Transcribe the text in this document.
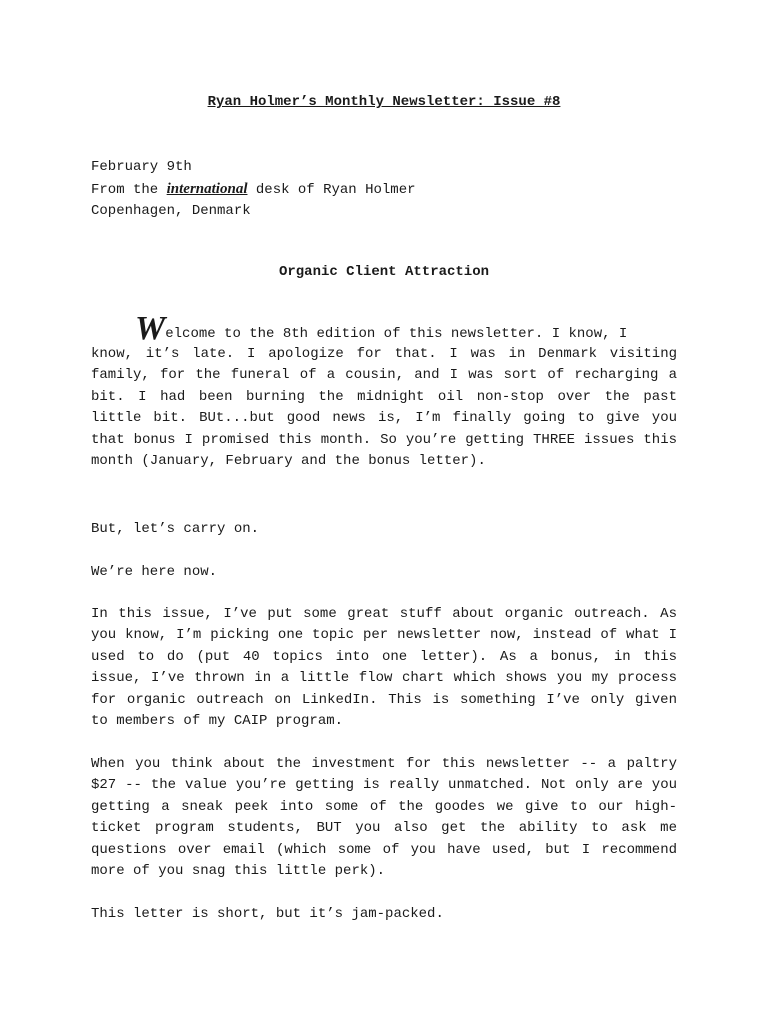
Ryan Holmer’s Monthly Newsletter: Issue #8
February 9th
From the international desk of Ryan Holmer
Copenhagen, Denmark
Organic Client Attraction
Welcome to the 8th edition of this newsletter. I know, I

know, it’s late. I apologize for that. I was in Denmark visiting family, for the funeral of a cousin, and I was sort of recharging a bit. I had been burning the midnight oil non-stop over the past little bit. BUt...but good news is, I’m finally going to give you that bonus I promised this month. So you’re getting THREE issues this month (January, February and the bonus letter).

But, let’s carry on.

We’re here now.

In this issue, I’ve put some great stuff about organic outreach. As you know, I’m picking one topic per newsletter now, instead of what I used to do (put 40 topics into one letter). As a bonus, in this issue, I’ve thrown in a little flow chart which shows you my process for organic outreach on LinkedIn. This is something I’ve only given to members of my CAIP program.

When you think about the investment for this newsletter -- a paltry $27 -- the value you’re getting is really unmatched. Not only are you getting a sneak peek into some of the goodes we give to our high-ticket program students, BUT you also get the ability to ask me questions over email (which some of you have used, but I recommend more of you snag this little perk).

This letter is short, but it’s jam-packed.
